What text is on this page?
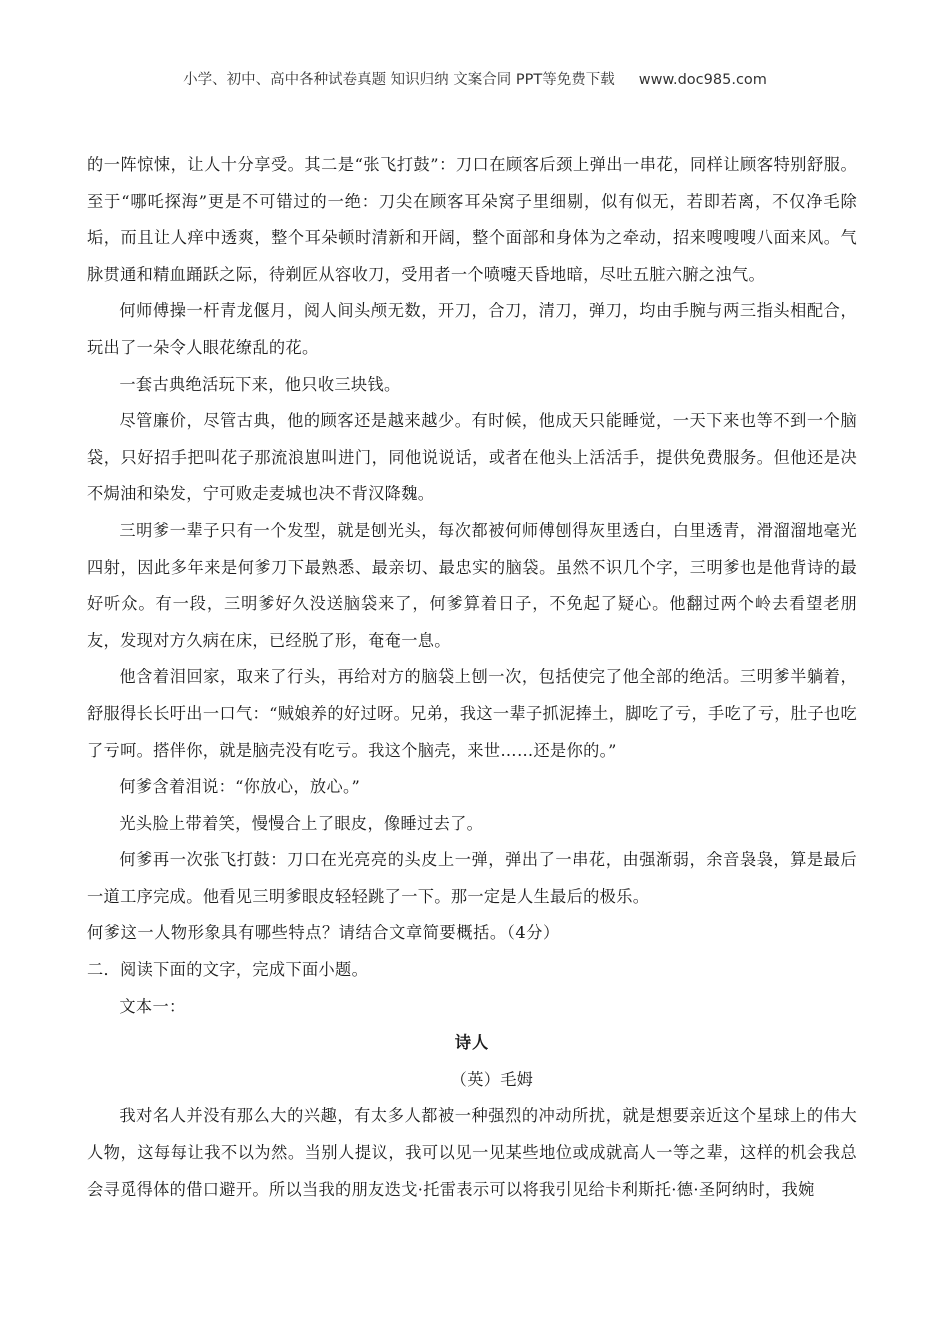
小学、初中、高中各种试卷真题 知识归纳 文案合同 PPT等免费下载 www.doc985.com

的一阵惊悚，让人十分享受。其二是“张飞打鼓”：刀口在顾客后颈上弹出一串花，同样让顾客特别舒服。至于“哪吒探海”更是不可错过的一绝：刀尖在顾客耳朵窝子里细剔，似有似无，若即若离，不仅净毛除垢，而且让人痒中透爽，整个耳朵顿时清新和开阔，整个面部和身体为之牵动，招来嗖嗖嗖八面来风。气脉贯通和精血踊跃之际，待剃匠从容收刀，受用者一个喷嚏天昏地暗，尽吐五脏六腑之浊气。

何师傅操一杆青龙偃月，阅人间头颅无数，开刀，合刀，清刀，弹刀，均由手腕与两三指头相配合，玩出了一朵令人眼花缭乱的花。

一套古典绝活玩下来，他只收三块钱。

尽管廉价，尽管古典，他的顾客还是越来越少。有时候，他成天只能睡觉，一天下来也等不到一个脑袋，只好招手把叫花子那流浪崽叫进门，同他说说话，或者在他头上活活手，提供免费服务。但他还是决不焗油和染发，宁可败走麦城也决不背汉降魏。

三明爹一辈子只有一个发型，就是刨光头，每次都被何师傅刨得灰里透白，白里透青，滑溜溜地毫光四射，因此多年来是何爹刀下最熟悉、最亲切、最忠实的脑袋。虽然不识几个字，三明爹也是他背诗的最好听众。有一段，三明爹好久没送脑袋来了，何爹算着日子，不免起了疑心。他翻过两个岭去看望老朋友，发现对方久病在床，已经脱了形，奄奄一息。

他含着泪回家，取来了行头，再给对方的脑袋上刨一次，包括使完了他全部的绝活。三明爹半躺着，舒服得长长吁出一口气：“贼娘养的好过呀。兄弟，我这一辈子抓泥捧土，脚吃了亏，手吃了亏，肚子也吃了亏呵。搭伴你，就是脑壳没有吃亏。我这个脑壳，来世……还是你的。”

何爹含着泪说：“你放心，放心。”

光头脸上带着笑，慢慢合上了眼皮，像睡过去了。

何爹再一次张飞打鼓：刀口在光亮亮的头皮上一弹，弹出了一串花，由强渐弱，余音袅袅，算是最后一道工序完成。他看见三明爹眼皮轻轻跳了一下。那一定是人生最后的极乐。

何爹这一人物形象具有哪些特点？请结合文章简要概括。（4分）

二．阅读下面的文字，完成下面小题。

文本一：

诗人

（英）毛姆

我对名人并没有那么大的兴趣，有太多人都被一种强烈的冲动所扰，就是想要亲近这个星球上的伟大人物，这每每让我不以为然。当别人提议，我可以见一见某些地位或成就高人一等之辈，这样的机会我总会寻觅得体的借口避开。所以当我的朋友迭戈·托雷表示可以将我引见给卡利斯托·德·圣阿纳时，我婉
